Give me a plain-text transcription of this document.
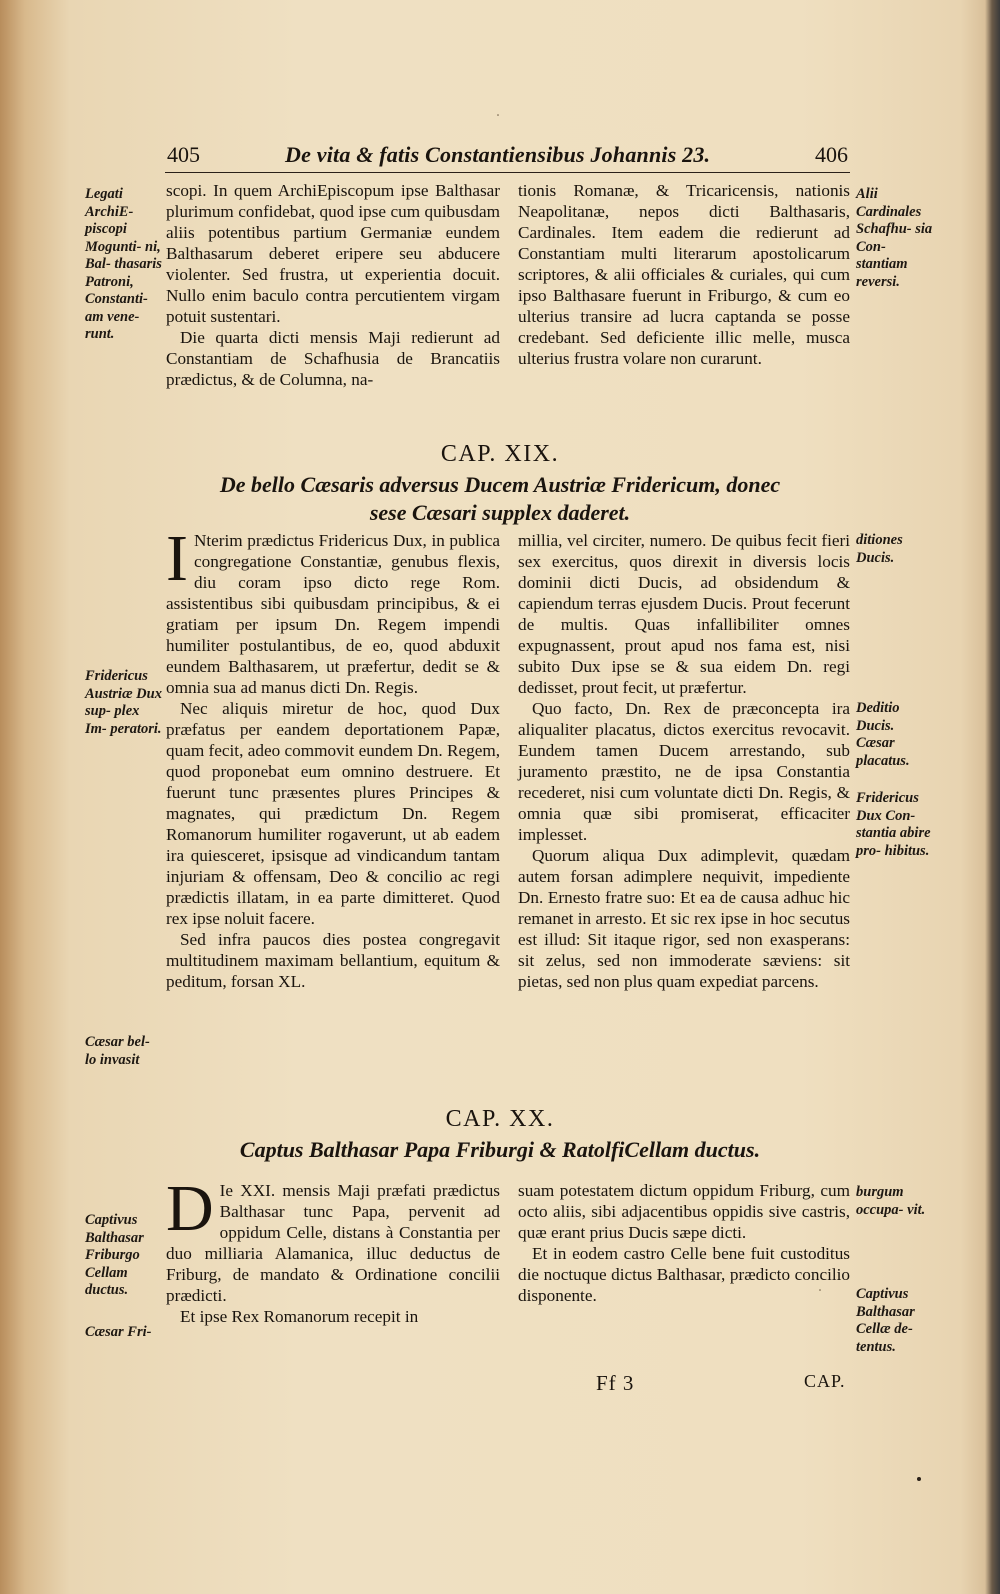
405	De vita & fatis Constantiensibus Johannis 23.	406
Legati ArchiE- piscopi Mogunti- ni, Bal- thasaris Patroni, Constanti- am vene- runt.

scopi. In quem ArchiEpiscopum ipse Balthasar plurimum confidebat, quod ipse cum quibusdam aliis potentibus partium Germaniæ eundem Balthasarum deberet eripere seu abducere violenter. Sed frustra, ut experientia docuit. Nullo enim baculo contra percutientem virgam potuit sustentari.

Die quarta dicti mensis Maji redierunt ad Constantiam de Schafhusia de Brancatiis prædictus, & de Columna, na-

tionis Romanæ, & Tricaricensis, nationis Neapolitanæ, nepos dicti Balthasaris, Cardinales. Item eadem die redierunt ad Constantiam multi literarum apostolicarum scriptores, & alii officiales & curiales, qui cum ipso Balthasare fuerunt in Friburgo, & cum eo ulterius transire ad lucra captanda se posse credebant. Sed deficiente illic melle, musca ulterius frustra volare non curarunt.

Alii Cardinales Schafhu- sia Con- stantiam reversi.
CAP. XIX.
De bello Cæsaris adversus Ducem Austriæ Fridericum, donec
sese Cæsari supplex daderet.

I Nterim prædictus Fridericus Dux, in publica congregatione Constantiæ, genubus flexis, diu coram ipso dicto rege Rom. assistentibus sibi quibusdam principibus, & ei gratiam per ipsum Dn. Regem impendi humiliter postulantibus, de eo, quod abduxit eundem Balthasarem, ut præfertur, dedit se & omnia sua ad manus dicti Dn. Regis.

Nec aliquis miretur de hoc, quod Dux præfatus per eandem deportationem Papæ, quam fecit, adeo commovit eundem Dn. Regem, quod proponebat eum omnino destruere. Et fuerunt tunc præsentes plures Principes & magnates, qui prædictum Dn. Regem Romanorum humiliter rogaverunt, ut ab eadem ira quiesceret, ipsisque ad vindicandum tantam injuriam & offensam, Deo & concilio ac regi prædictis illatam, in ea parte dimitteret. Quod rex ipse noluit facere.

Sed infra paucos dies postea congregavit multitudinem maximam bellantium, equitum & peditum, forsan XL.

Fridericus Austriæ Dux sup- plex Im- peratori.
Cæsar bel- lo invasit

millia, vel circiter, numero. De quibus fecit fieri sex exercitus, quos direxit in diversis locis dominii dicti Ducis, ad obsidendum & capiendum terras ejusdem Ducis. Prout fecerunt de multis. Quas infallibiliter omnes expugnassent, prout apud nos fama est, nisi subito Dux ipse se & sua eidem Dn. regi dedisset, prout fecit, ut præfertur.

Quo facto, Dn. Rex de præconcepta ira aliqualiter placatus, dictos exercitus revocavit. Eundem tamen Ducem arrestando, sub juramento præstito, ne de ipsa Constantia recederet, nisi cum voluntate dicti Dn. Regis, & omnia quæ sibi promiserat, efficaciter implesset.

Quorum aliqua Dux adimplevit, quædam autem forsan adimplere nequivit, impediente Dn. Ernesto fratre suo: Et ea de causa adhuc hic remanet in arresto. Et sic rex ipse in hoc secutus est illud: Sit itaque rigor, sed non exasperans: sit zelus, sed non immoderate sæviens: sit pietas, sed non plus quam expediat parcens.

ditiones Ducis.
Deditio Ducis. Cæsar placatus.
Fridericus Dux Con- stantia abire pro- hibitus.
CAP. XX.
Captus Balthasar Papa Friburgi & RatolfiCellam ductus.

D Ie XXI. mensis Maji præfati prædictus Balthasar tunc Papa, pervenit ad oppidum Celle, distans à Constantia per duo milliaria Alamanica, illuc deductus de Friburg, de mandato & Ordinatione concilii prædicti.

Et ipse Rex Romanorum recepit in

Captivus Balthasar Friburgo Cellam ductus.
Cæsar Fri-

suam potestatem dictum oppidum Friburg, cum octo aliis, sibi adjacentibus oppidis sive castris, quæ erant prius Ducis sæpe dicti.

Et in eodem castro Celle bene fuit custoditus die noctuque dictus Balthasar, prædicto concilio disponente.

burgum occupa- vit.
Captivus Balthasar Cellæ de- tentus.
Ff 3	CAP.
